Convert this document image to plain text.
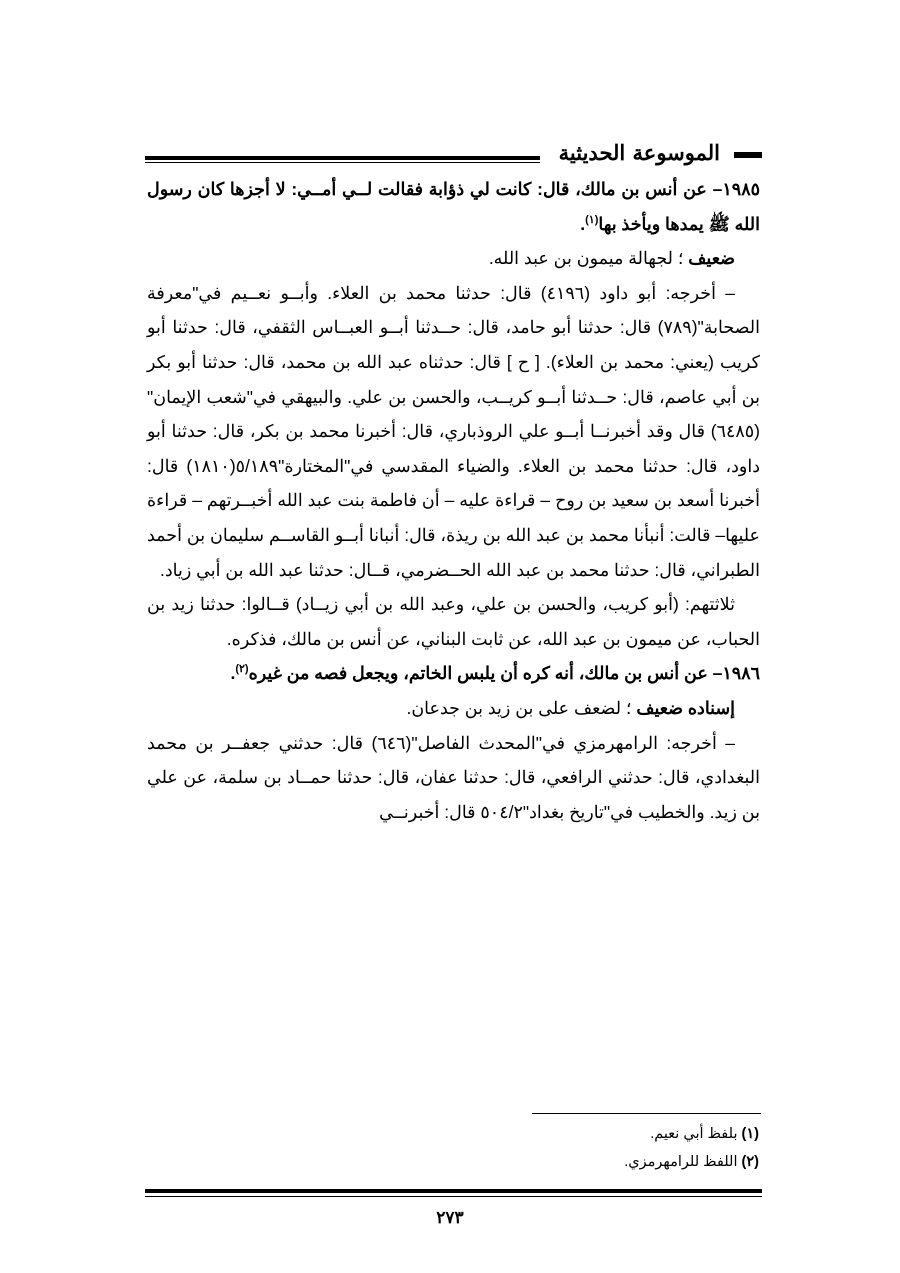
الموسوعة الحديثية

١٩٨٥– عن أنس بن مالك، قال: كانت لي ذؤابة فقالت لــي أمــي: لا أجزها كان رسول الله ﷺ يمدها ويأخذ بها$^{(١)}$.

ضعيف ؛ لجهالة ميمون بن عبد الله.

– أخرجه: أبو داود (٤١٩٦) قال: حدثنا محمد بن العلاء. وأبــو نعــيم في"معرفة الصحابة"(٧٨٩) قال: حدثنا أبو حامد، قال: حــدثنا أبــو العبــاس الثقفي، قال: حدثنا أبو كريب (يعني: محمد بن العلاء). [ ح ] قال: حدثناه عبد الله بن محمد، قال: حدثنا أبو بكر بن أبي عاصم، قال: حــدثنا أبــو كريــب، والحسن بن علي. والبيهقي في"شعب الإيمان"(٦٤٨٥) قال وقد أخبرنــا أبــو علي الروذباري، قال: أخبرنا محمد بن بكر، قال: حدثنا أبو داود، قال: حدثنا محمد بن العلاء. والضياء المقدسي في"المختارة"٥/١٨٩(١٨١٠) قال: أخبرنا أسعد بن سعيد بن روح – قراءة عليه – أن فاطمة بنت عبد الله أخبــرتهم – قراءة عليها– قالت: أنبأنا محمد بن عبد الله بن ريذة، قال: أنبانا أبــو القاســم سليمان بن أحمد الطبراني، قال: حدثنا محمد بن عبد الله الحــضرمي، قــال: حدثنا عبد الله بن أبي زياد.

ثلاثتهم: (أبو كريب، والحسن بن علي، وعبد الله بن أبي زيــاد) قــالوا: حدثنا زيد بن الحباب، عن ميمون بن عبد الله، عن ثابت البناني، عن أنس بن مالك، فذكره.

١٩٨٦– عن أنس بن مالك، أنه كره أن يلبس الخاتم، ويجعل فصه من غيره$^{(٢)}$.

إسناده ضعيف ؛ لضعف على بن زيد بن جدعان.

– أخرجه: الرامهرمزي في"المحدث الفاصل"(٦٤٦) قال: حدثني جعفــر بن محمد البغدادي، قال: حدثني الرافعي، قال: حدثنا عفان، قال: حدثنا حمــاد بن سلمة، عن علي بن زيد. والخطيب في"تاريخ بغداد"٥٠٤/٢ قال: أخبرنــي

(١) بلفظ أبي نعيم.
(٢) اللفظ للرامهرمزي.
٢٧٣
